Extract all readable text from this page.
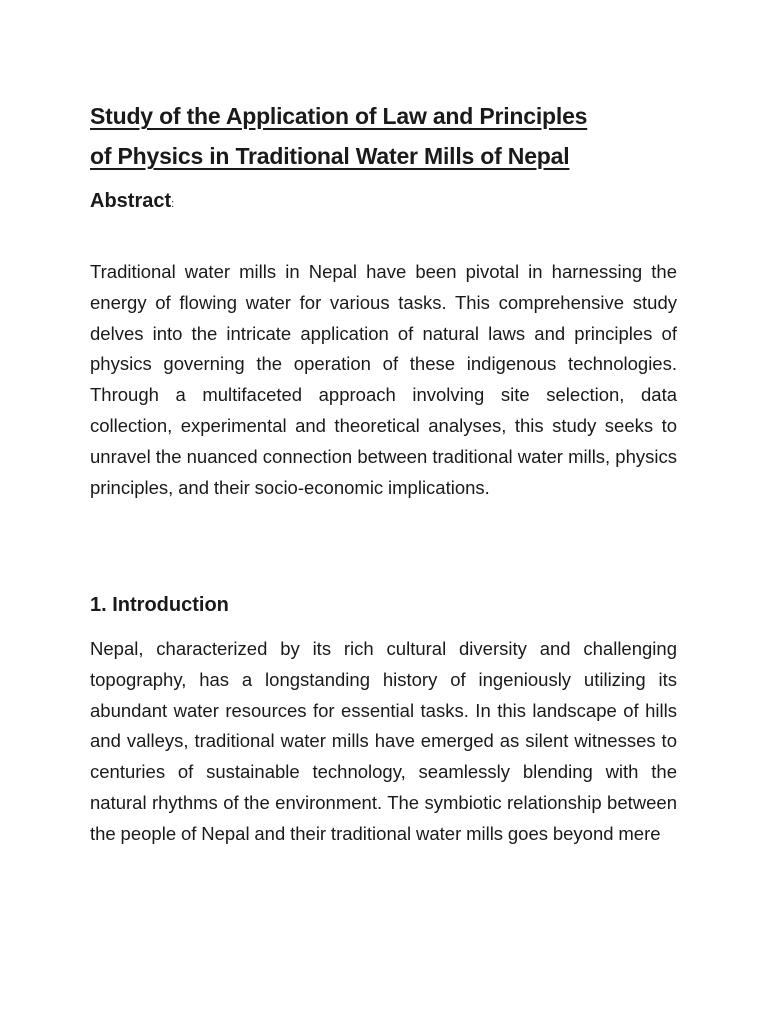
Study of the Application of Law and Principles
of Physics in Traditional Water Mills of Nepal
Abstract:

Traditional water mills in Nepal have been pivotal in harnessing the energy of flowing water for various tasks. This comprehensive study delves into the intricate application of natural laws and principles of physics governing the operation of these indigenous technologies. Through a multifaceted approach involving site selection, data collection, experimental and theoretical analyses, this study seeks to unravel the nuanced connection between traditional water mills, physics principles, and their socio-economic implications.

1. Introduction

Nepal, characterized by its rich cultural diversity and challenging topography, has a longstanding history of ingeniously utilizing its abundant water resources for essential tasks. In this landscape of hills and valleys, traditional water mills have emerged as silent witnesses to centuries of sustainable technology, seamlessly blending with the natural rhythms of the environment. The symbiotic relationship between the people of Nepal and their traditional water mills goes beyond mere
